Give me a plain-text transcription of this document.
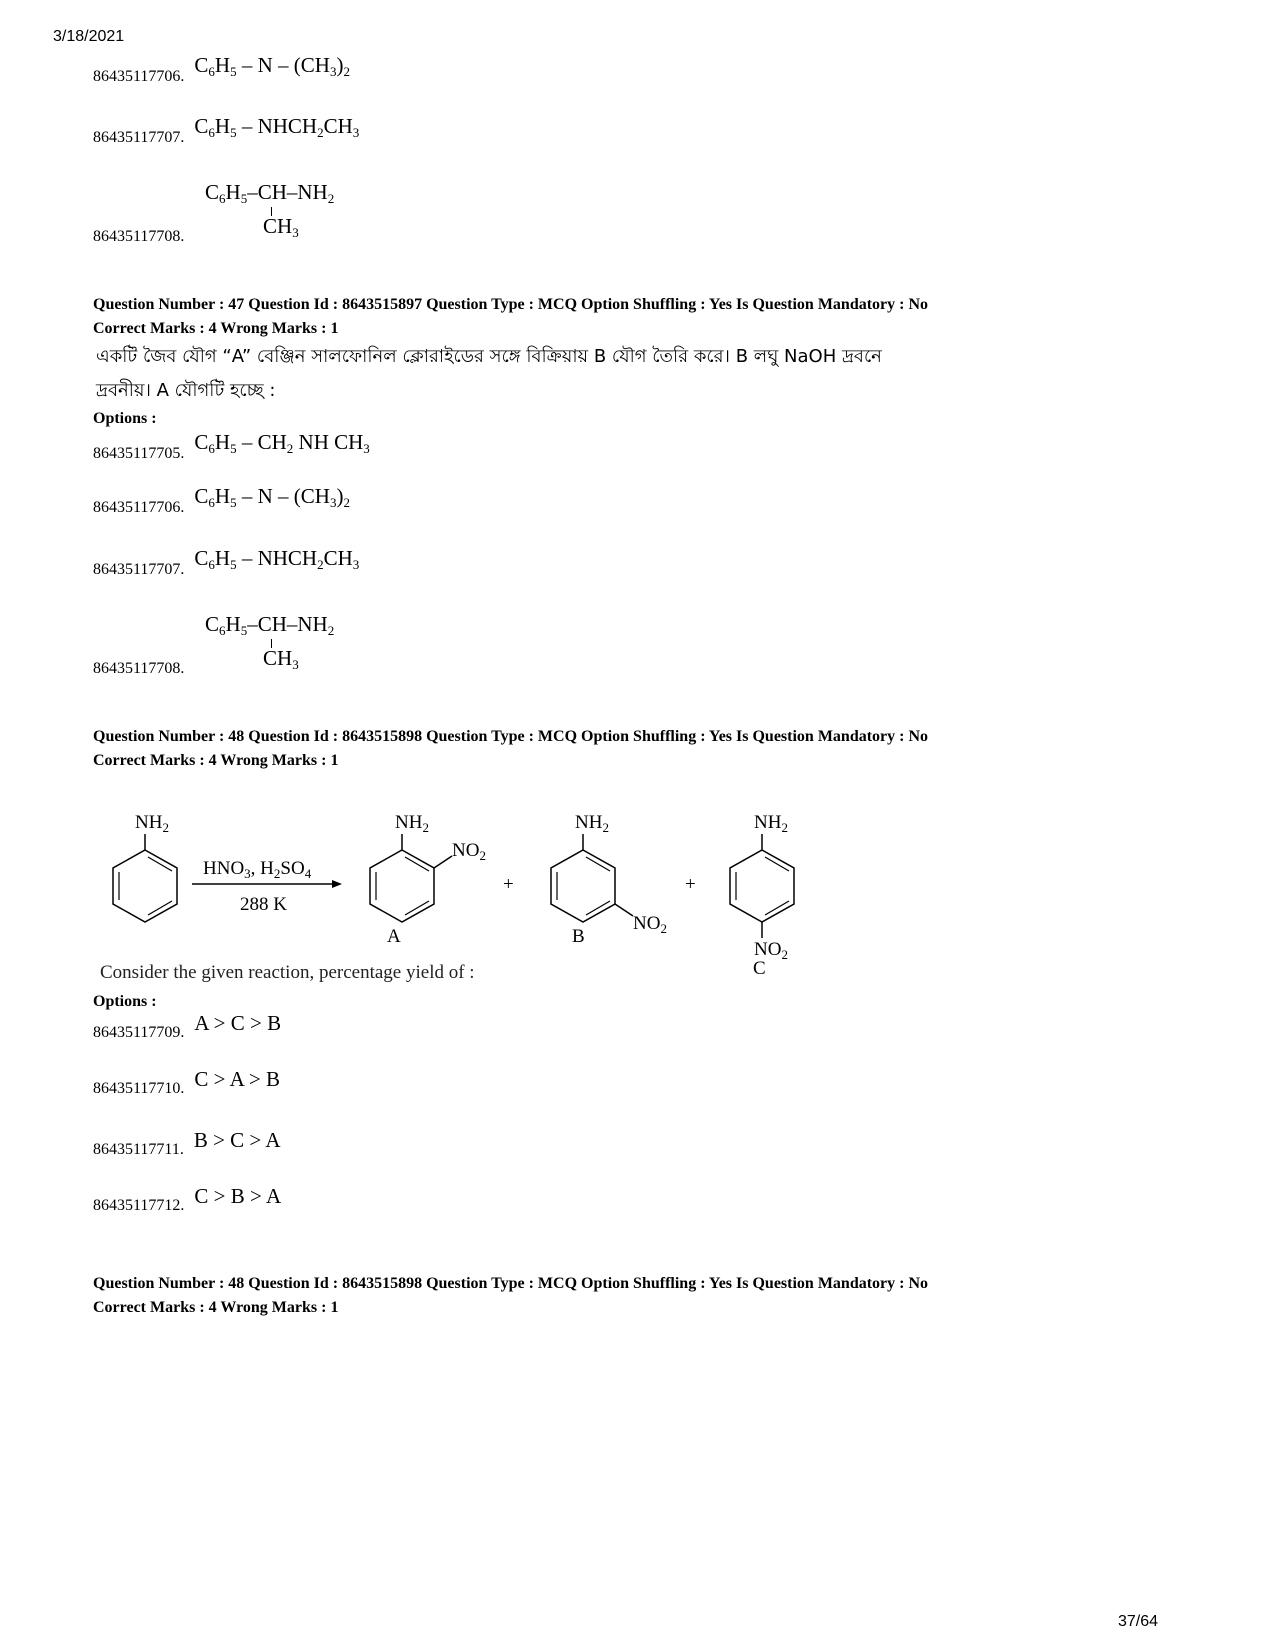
3/18/2021
86435117706. $C_6H_5$ – N – $(CH_3)_2$
86435117707. $C_6H_5$ – $NHCH_2CH_3$
86435117708.
$C_6H_5-CH-NH_2$
$CH_3$
Question Number : 47 Question Id : 8643515897 Question Type : MCQ Option Shuffling : Yes Is Question Mandatory : No
Correct Marks : 4 Wrong Marks : 1
একটি জৈব যৌগ “A” বেঞ্জিন সালফোনিল ক্লোরাইডের সঙ্গে বিক্রিয়ায় B যৌগ তৈরি করে। B লঘু NaOH দ্রবনে
দ্রবনীয়। A যৌগটি হচ্ছে :
Options :
86435117705. $C_6H_5 - CH_2$ NH $CH_3$
86435117706. $C_6H_5$ – N – $(CH_3)_2$
86435117707. $C_6H_5$ – $NHCH_2CH_3$
86435117708.
$C_6H_5-CH-NH_2$
$CH_3$
Question Number : 48 Question Id : 8643515898 Question Type : MCQ Option Shuffling : Yes Is Question Mandatory : No
Correct Marks : 4 Wrong Marks : 1
$NH_2$
$HNO_3$, $H_2SO_4$
288 K
$NH_2$
$NO_2$
A
+
$NH_2$
$NO_2$
B
+
$NH_2$
$NO_2$
C
Consider the given reaction, percentage yield of :
Options :
86435117709. A > C > B
86435117710. C > A > B
86435117711. B > C > A
86435117712. C > B > A
Question Number : 48 Question Id : 8643515898 Question Type : MCQ Option Shuffling : Yes Is Question Mandatory : No
Correct Marks : 4 Wrong Marks : 1
37/64
